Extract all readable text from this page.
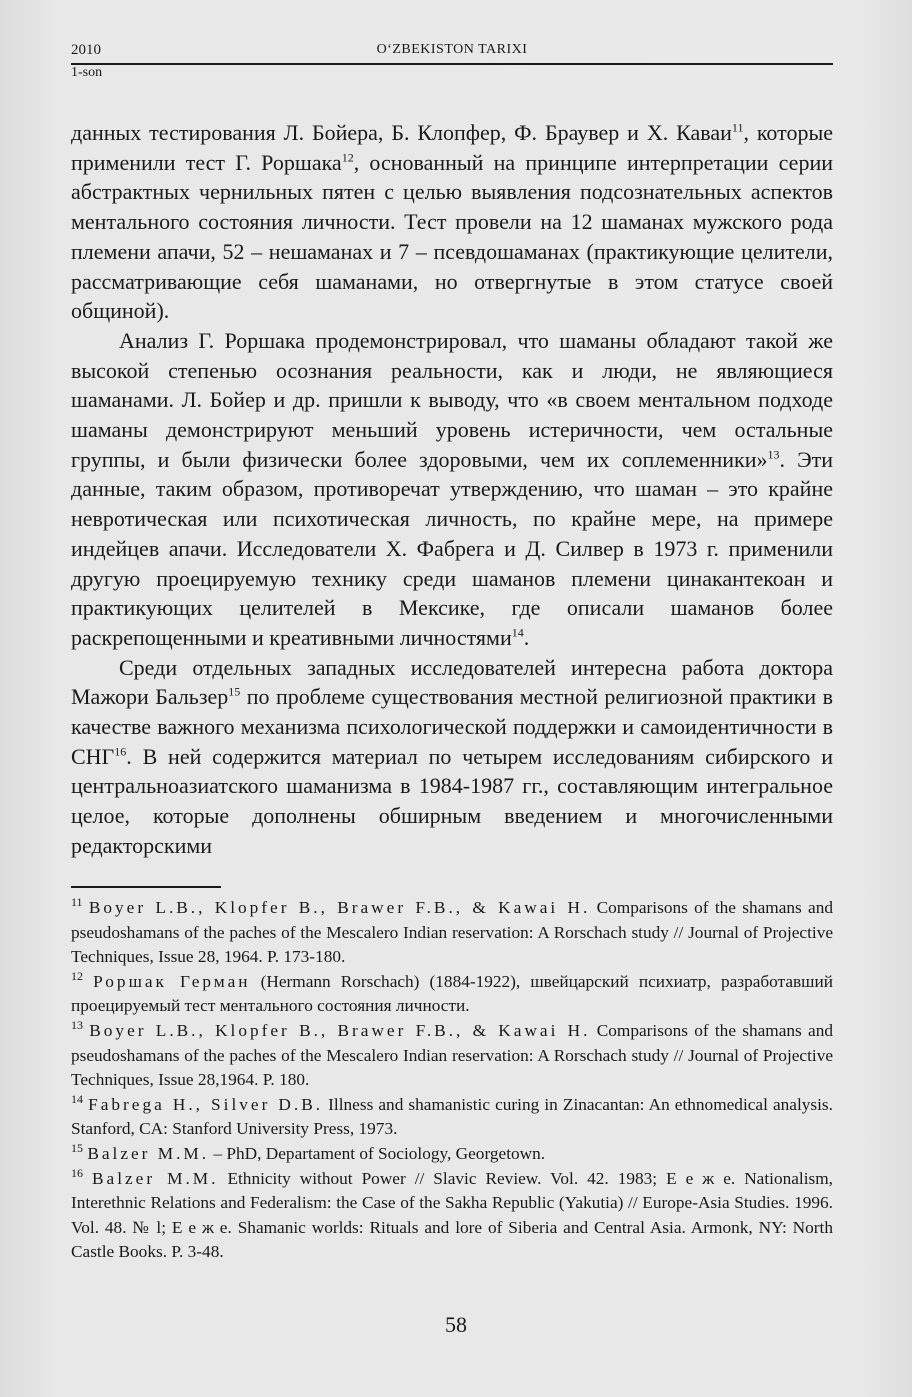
2010	O‘ZBEKISTON TARIXI
1-son

данных тестирования Л. Бойера, Б. Клопфер, Ф. Браувер и Х. Каваи$^{11}$, которые применили тест Г. Роршака$^{12}$, основанный на принципе интерпретации серии абстрактных чернильных пятен с целью выявления подсознательных аспектов ментального состояния личности. Тест провели на 12 шаманах мужского рода племени апачи, 52 – нешаманах и 7 – псевдошаманах (практикующие целители, рассматривающие себя шаманами, но отвергнутые в этом статусе своей общиной).

Анализ Г. Роршака продемонстрировал, что шаманы обладают такой же высокой степенью осознания реальности, как и люди, не являющиеся шаманами. Л. Бойер и др. пришли к выводу, что «в своем ментальном подходе шаманы демонстрируют меньший уровень истеричности, чем остальные группы, и были физически более здоровыми, чем их соплеменники»$^{13}$. Эти данные, таким образом, противоречат утверждению, что шаман – это крайне невротическая или психотическая личность, по крайне мере, на примере индейцев апачи. Исследователи Х. Фабрега и Д. Силвер в 1973 г. применили другую проецируемую технику среди шаманов племени цинакантекоан и практикующих целителей в Мексике, где описали шаманов более раскрепощенными и креативными личностями$^{14}$.

Среди отдельных западных исследователей интересна работа доктора Мажори Бальзер$^{15}$ по проблеме существования местной религиозной практики в качестве важного механизма психологической поддержки и самоидентичности в СНГ$^{16}$. В ней содержится материал по четырем исследованиям сибирского и центральноазиатского шаманизма в 1984-1987 гг., составляющим интегральное целое, которые дополнены обширным введением и многочисленными редакторскими

$^{11}$ Boyer L.B., Klopfer B., Brawer F.B., & Kawai H. Comparisons of the shamans and pseudoshamans of the paches of the Mescalero Indian reservation: A Rorschach study // Journal of Projective Techniques, Issue 28, 1964. P. 173-180.

$^{12}$ Роршак Герман (Hermann Rorschach) (1884-1922), швейцарский психиатр, разработавший проецируемый тест ментального состояния личности.

$^{13}$ Boyer L.B., Klopfer B., Brawer F.B., & Kawai H. Comparisons of the shamans and pseudoshamans of the paches of the Mescalero Indian reservation: A Rorschach study // Journal of Projective Techniques, Issue 28,1964. P. 180.

$^{14}$ Fabrega H., Silver D.B. Illness and shamanistic curing in Zinacantan: An ethnomedical analysis. Stanford, CA: Stanford University Press, 1973.

$^{15}$ Balzer M.M. – PhD, Departament of Sociology, Georgetown.

$^{16}$ Balzer M.M. Ethnicity without Power // Slavic Review. Vol. 42. 1983; Е е ж е. Nationalism, Interethnic Relations and Federalism: the Case of the Sakha Republic (Yakutia) // Europe-Asia Studies. 1996. Vol. 48. № l; Е е ж е. Shamanic worlds: Rituals and lore of Siberia and Central Asia. Armonk, NY: North Castle Books. P. 3-48.

58
